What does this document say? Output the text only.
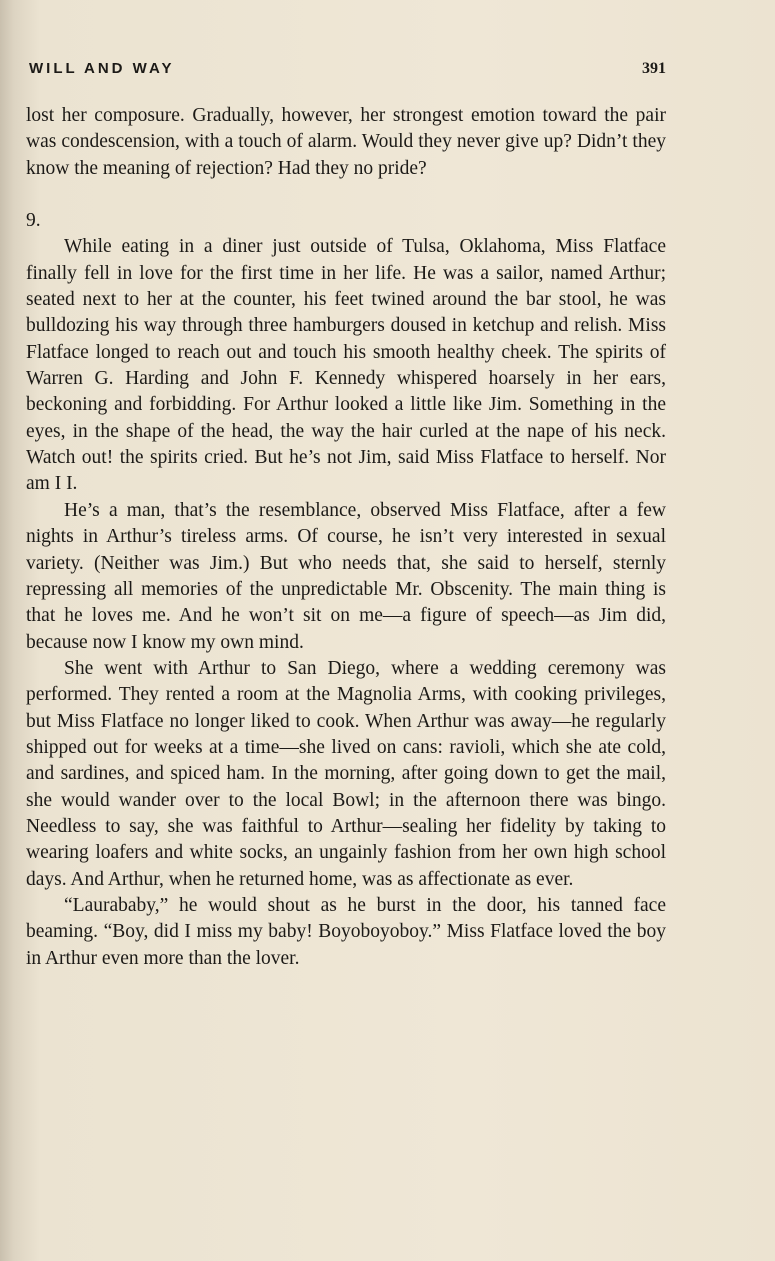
WILL AND WAY	391

lost her composure. Gradually, however, her strongest emotion toward the pair was condescension, with a touch of alarm. Would they never give up? Didn’t they know the meaning of rejection? Had they no pride?

9.

While eating in a diner just outside of Tulsa, Oklahoma, Miss Flatface finally fell in love for the first time in her life. He was a sailor, named Arthur; seated next to her at the counter, his feet twined around the bar stool, he was bulldozing his way through three hamburgers doused in ketchup and relish. Miss Flatface longed to reach out and touch his smooth healthy cheek. The spirits of Warren G. Harding and John F. Kennedy whispered hoarsely in her ears, beckoning and forbidding. For Arthur looked a little like Jim. Something in the eyes, in the shape of the head, the way the hair curled at the nape of his neck. Watch out! the spirits cried. But he’s not Jim, said Miss Flatface to herself. Nor am I I.

He’s a man, that’s the resemblance, observed Miss Flatface, after a few nights in Arthur’s tireless arms. Of course, he isn’t very interested in sexual variety. (Neither was Jim.) But who needs that, she said to herself, sternly repressing all memories of the unpredictable Mr. Obscenity. The main thing is that he loves me. And he won’t sit on me—a figure of speech—as Jim did, because now I know my own mind.

She went with Arthur to San Diego, where a wedding ceremony was performed. They rented a room at the Magnolia Arms, with cooking privileges, but Miss Flatface no longer liked to cook. When Arthur was away—he regularly shipped out for weeks at a time—she lived on cans: ravioli, which she ate cold, and sardines, and spiced ham. In the morning, after going down to get the mail, she would wander over to the local Bowl; in the afternoon there was bingo. Needless to say, she was faithful to Arthur—sealing her fidelity by taking to wearing loafers and white socks, an ungainly fashion from her own high school days. And Arthur, when he returned home, was as affectionate as ever.

“Laurababy,” he would shout as he burst in the door, his tanned face beaming. “Boy, did I miss my baby! Boyoboyoboy.” Miss Flatface loved the boy in Arthur even more than the lover.
